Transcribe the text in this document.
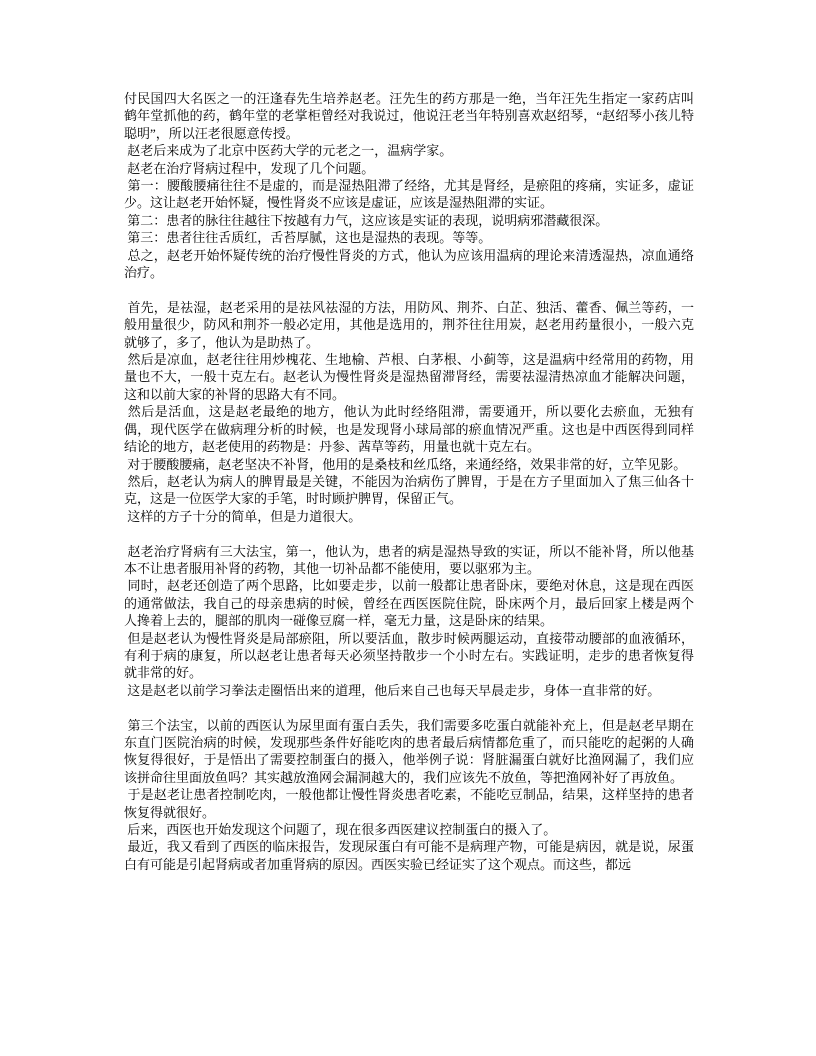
付民国四大名医之一的汪逢春先生培养赵老。汪先生的药方那是一绝，当年汪先生指定一家药店叫鹤年堂抓他的药，鹤年堂的老掌柜曾经对我说过，他说汪老当年特别喜欢赵绍琴，“赵绍琴小孩儿特聪明”，所以汪老很愿意传授。

赵老后来成为了北京中医药大学的元老之一，温病学家。

赵老在治疗肾病过程中，发现了几个问题。

第一：腰酸腰痛往往不是虚的，而是湿热阻滞了经络，尤其是肾经，是瘀阻的疼痛，实证多，虚证少。这让赵老开始怀疑，慢性肾炎不应该是虚证，应该是湿热阻滞的实证。

第二：患者的脉往往越往下按越有力气，这应该是实证的表现，说明病邪潜藏很深。

第三：患者往往舌质红，舌苔厚腻，这也是湿热的表现。等等。

总之，赵老开始怀疑传统的治疗慢性肾炎的方式，他认为应该用温病的理论来清透湿热，凉血通络治疗。

首先，是祛湿，赵老采用的是祛风祛湿的方法，用防风、荆芥、白芷、独活、藿香、佩兰等药，一般用量很少，防风和荆芥一般必定用，其他是选用的，荆芥往往用炭，赵老用药量很小，一般六克就够了，多了，他认为是助热了。

然后是凉血，赵老往往用炒槐花、生地榆、芦根、白茅根、小蓟等，这是温病中经常用的药物，用量也不大，一般十克左右。赵老认为慢性肾炎是湿热留滞肾经，需要祛湿清热凉血才能解决问题，这和以前大家的补肾的思路大有不同。

然后是活血，这是赵老最绝的地方，他认为此时经络阻滞，需要通开，所以要化去瘀血，无独有偶，现代医学在做病理分析的时候，也是发现肾小球局部的瘀血情况严重。这也是中西医得到同样结论的地方，赵老使用的药物是：丹参、茜草等药，用量也就十克左右。

对于腰酸腰痛，赵老坚决不补肾，他用的是桑枝和丝瓜络，来通经络，效果非常的好，立竿见影。

然后，赵老认为病人的脾胃最是关键，不能因为治病伤了脾胃，于是在方子里面加入了焦三仙各十克，这是一位医学大家的手笔，时时顾护脾胃，保留正气。

这样的方子十分的简单，但是力道很大。

赵老治疗肾病有三大法宝，第一，他认为，患者的病是湿热导致的实证，所以不能补肾，所以他基本不让患者服用补肾的药物，其他一切补品都不能使用，要以驱邪为主。

同时，赵老还创造了两个思路，比如要走步，以前一般都让患者卧床，要绝对休息，这是现在西医的通常做法，我自己的母亲患病的时候，曾经在西医医院住院，卧床两个月，最后回家上楼是两个人搀着上去的，腿部的肌肉一碰像豆腐一样，毫无力量，这是卧床的结果。

但是赵老认为慢性肾炎是局部瘀阻，所以要活血，散步时候两腿运动，直接带动腰部的血液循环，有利于病的康复，所以赵老让患者每天必须坚持散步一个小时左右。实践证明，走步的患者恢复得就非常的好。

这是赵老以前学习拳法走圈悟出来的道理，他后来自己也每天早晨走步，身体一直非常的好。

第三个法宝，以前的西医认为尿里面有蛋白丢失，我们需要多吃蛋白就能补充上，但是赵老早期在东直门医院治病的时候，发现那些条件好能吃肉的患者最后病情都危重了，而只能吃的起粥的人确恢复得很好，于是悟出了需要控制蛋白的摄入，他举例子说：肾脏漏蛋白就好比渔网漏了，我们应该拼命往里面放鱼吗？其实越放渔网会漏洞越大的，我们应该先不放鱼，等把渔网补好了再放鱼。

于是赵老让患者控制吃肉，一般他都让慢性肾炎患者吃素，不能吃豆制品，结果，这样坚持的患者恢复得就很好。

后来，西医也开始发现这个问题了，现在很多西医建议控制蛋白的摄入了。

最近，我又看到了西医的临床报告，发现尿蛋白有可能不是病理产物，可能是病因，就是说，尿蛋白有可能是引起肾病或者加重肾病的原因。西医实验已经证实了这个观点。而这些，都远
